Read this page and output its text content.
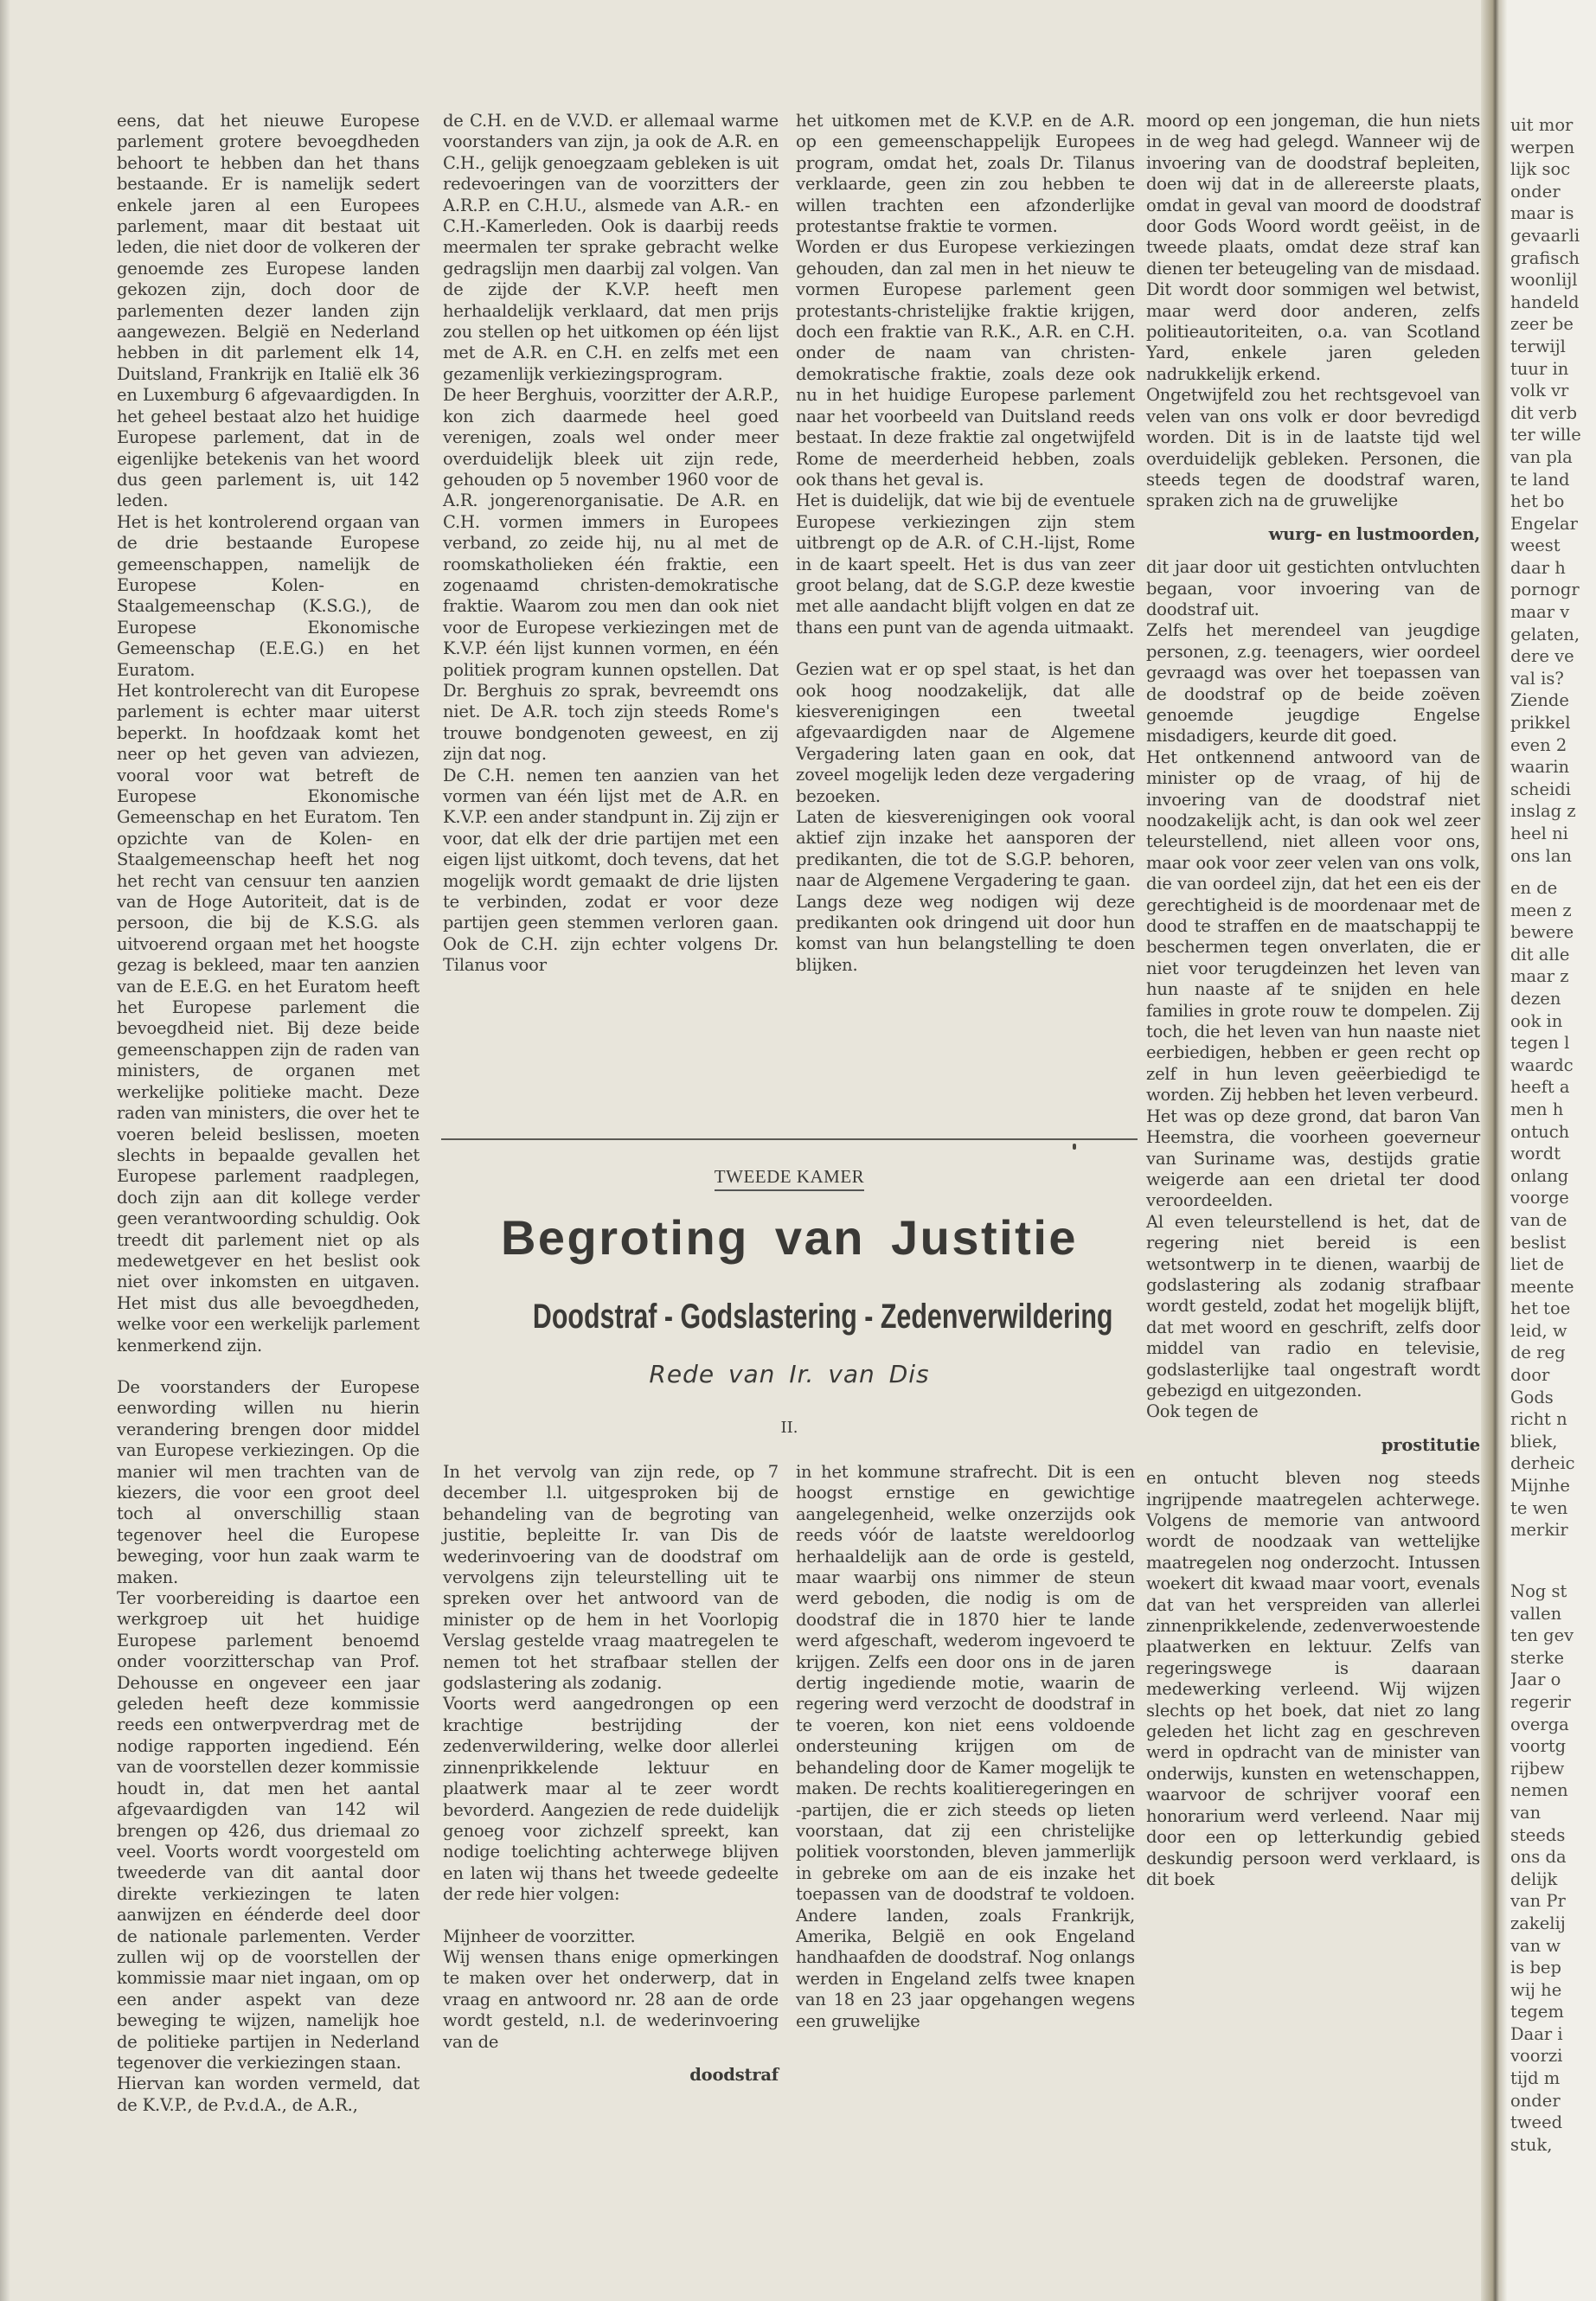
eens, dat het nieuwe Europese parlement grotere bevoegdheden behoort te hebben dan het thans bestaande. Er is namelijk sedert enkele jaren al een Europees parlement, maar dit bestaat uit leden, die niet door de volkeren der genoemde zes Europese landen gekozen zijn, doch door de parlementen dezer landen zijn aangewezen. België en Nederland hebben in dit parlement elk 14, Duitsland, Frankrijk en Italië elk 36 en Luxemburg 6 afgevaardigden. In het geheel bestaat alzo het huidige Europese parlement, dat in de eigenlijke betekenis van het woord dus geen parlement is, uit 142 leden.

Het is het kontrolerend orgaan van de drie bestaande Europese gemeenschappen, namelijk de Europese Kolen- en Staalgemeenschap (K.S.G.), de Europese Ekonomische Gemeenschap (E.E.G.) en het Euratom.

Het kontrolerecht van dit Europese parlement is echter maar uiterst beperkt. In hoofdzaak komt het neer op het geven van adviezen, vooral voor wat betreft de Europese Ekonomische Gemeenschap en het Euratom. Ten opzichte van de Kolen- en Staalgemeenschap heeft het nog het recht van censuur ten aanzien van de Hoge Autoriteit, dat is de persoon, die bij de K.S.G. als uitvoerend orgaan met het hoogste gezag is bekleed, maar ten aanzien van de E.E.G. en het Euratom heeft het Europese parlement die bevoegdheid niet. Bij deze beide gemeenschappen zijn de raden van ministers, de organen met werkelijke politieke macht. Deze raden van ministers, die over het te voeren beleid beslissen, moeten slechts in bepaalde gevallen het Europese parlement raadplegen, doch zijn aan dit kollege verder geen verantwoording schuldig. Ook treedt dit parlement niet op als medewetgever en het beslist ook niet over inkomsten en uitgaven. Het mist dus alle bevoegdheden, welke voor een werkelijk parlement kenmerkend zijn.

De voorstanders der Europese eenwording willen nu hierin verandering brengen door middel van Europese verkiezingen. Op die manier wil men trachten van de kiezers, die voor een groot deel toch al onverschillig staan tegenover heel die Europese beweging, voor hun zaak warm te maken.

Ter voorbereiding is daartoe een werkgroep uit het huidige Europese parlement benoemd onder voorzitterschap van Prof. Dehousse en ongeveer een jaar geleden heeft deze kommissie reeds een ontwerpverdrag met de nodige rapporten ingediend. Eén van de voorstellen dezer kommissie houdt in, dat men het aantal afgevaardigden van 142 wil brengen op 426, dus driemaal zo veel. Voorts wordt voorgesteld om tweederde van dit aantal door direkte verkiezingen te laten aanwijzen en éénderde deel door de nationale parlementen. Verder zullen wij op de voorstellen der kommissie maar niet ingaan, om op een ander aspekt van deze beweging te wijzen, namelijk hoe de politieke partijen in Nederland tegenover die verkiezingen staan.

Hiervan kan worden vermeld, dat de K.V.P., de P.v.d.A., de A.R.,

de C.H. en de V.V.D. er allemaal warme voorstanders van zijn, ja ook de A.R. en C.H., gelijk genoegzaam gebleken is uit redevoeringen van de voorzitters der A.R.P. en C.H.U., alsmede van A.R.- en C.H.-Kamerleden. Ook is daarbij reeds meermalen ter sprake gebracht welke gedragslijn men daarbij zal volgen. Van de zijde der K.V.P. heeft men herhaaldelijk verklaard, dat men prijs zou stellen op het uitkomen op één lijst met de A.R. en C.H. en zelfs met een gezamenlijk verkiezingsprogram.

De heer Berghuis, voorzitter der A.R.P., kon zich daarmede heel goed verenigen, zoals wel onder meer overduidelijk bleek uit zijn rede, gehouden op 5 november 1960 voor de A.R. jongerenorganisatie. De A.R. en C.H. vormen immers in Europees verband, zo zeide hij, nu al met de roomskatholieken één fraktie, een zogenaamd christen-demokratische fraktie. Waarom zou men dan ook niet voor de Europese verkiezingen met de K.V.P. één lijst kunnen vormen, en één politiek program kunnen opstellen. Dat Dr. Berghuis zo sprak, bevreemdt ons niet. De A.R. toch zijn steeds Rome's trouwe bondgenoten geweest, en zij zijn dat nog.

De C.H. nemen ten aanzien van het vormen van één lijst met de A.R. en K.V.P. een ander standpunt in. Zij zijn er voor, dat elk der drie partijen met een eigen lijst uitkomt, doch tevens, dat het mogelijk wordt gemaakt de drie lijsten te verbinden, zodat er voor deze partijen geen stemmen verloren gaan. Ook de C.H. zijn echter volgens Dr. Tilanus voor

het uitkomen met de K.V.P. en de A.R. op een gemeenschappelijk Europees program, omdat het, zoals Dr. Tilanus verklaarde, geen zin zou hebben te willen trachten een afzonderlijke protestantse fraktie te vormen.

Worden er dus Europese verkiezingen gehouden, dan zal men in het nieuw te vormen Europese parlement geen protestants-christelijke fraktie krijgen, doch een fraktie van R.K., A.R. en C.H. onder de naam van christen-demokratische fraktie, zoals deze ook nu in het huidige Europese parlement naar het voorbeeld van Duitsland reeds bestaat. In deze fraktie zal ongetwijfeld Rome de meerderheid hebben, zoals ook thans het geval is.

Het is duidelijk, dat wie bij de eventuele Europese verkiezingen zijn stem uitbrengt op de A.R. of C.H.-lijst, Rome in de kaart speelt. Het is dus van zeer groot belang, dat de S.G.P. deze kwestie met alle aandacht blijft volgen en dat ze thans een punt van de agenda uitmaakt.

Gezien wat er op spel staat, is het dan ook hoog noodzakelijk, dat alle kiesverenigingen een tweetal afgevaardigden naar de Algemene Vergadering laten gaan en ook, dat zoveel mogelijk leden deze vergadering bezoeken.

Laten de kiesverenigingen ook vooral aktief zijn inzake het aansporen der predikanten, die tot de S.G.P. behoren, naar de Algemene Vergadering te gaan.

Langs deze weg nodigen wij deze predikanten ook dringend uit door hun komst van hun belangstelling te doen blijken.

moord op een jongeman, die hun niets in de weg had gelegd. Wanneer wij de invoering van de doodstraf bepleiten, doen wij dat in de allereerste plaats, omdat in geval van moord de doodstraf door Gods Woord wordt geëist, in de tweede plaats, omdat deze straf kan dienen ter beteugeling van de misdaad. Dit wordt door sommigen wel betwist, maar werd door anderen, zelfs politieautoriteiten, o.a. van Scotland Yard, enkele jaren geleden nadrukkelijk erkend.

Ongetwijfeld zou het rechtsgevoel van velen van ons volk er door bevredigd worden. Dit is in de laatste tijd wel overduidelijk gebleken. Personen, die steeds tegen de doodstraf waren, spraken zich na de gruwelijke

wurg- en lustmoorden,

dit jaar door uit gestichten ontvluchten begaan, voor invoering van de doodstraf uit.

Zelfs het merendeel van jeugdige personen, z.g. teenagers, wier oordeel gevraagd was over het toepassen van de doodstraf op de beide zoëven genoemde jeugdige Engelse misdadigers, keurde dit goed.

Het ontkennend antwoord van de minister op de vraag, of hij de invoering van de doodstraf niet noodzakelijk acht, is dan ook wel zeer teleurstellend, niet alleen voor ons, maar ook voor zeer velen van ons volk, die van oordeel zijn, dat het een eis der gerechtigheid is de moordenaar met de dood te straffen en de maatschappij te beschermen tegen onverlaten, die er niet voor terugdeinzen het leven van hun naaste af te snijden en hele families in grote rouw te dompelen. Zij toch, die het leven van hun naaste niet eerbiedigen, hebben er geen recht op zelf in hun leven geëerbiedigd te worden. Zij hebben het leven verbeurd.

Het was op deze grond, dat baron Van Heemstra, die voorheen goeverneur van Suriname was, destijds gratie weigerde aan een drietal ter dood veroordeelden.

Al even teleurstellend is het, dat de regering niet bereid is een wetsontwerp in te dienen, waarbij de godslastering als zodanig strafbaar wordt gesteld, zodat het mogelijk blijft, dat met woord en geschrift, zelfs door middel van radio en televisie, godslasterlijke taal ongestraft wordt gebezigd en uitgezonden.

Ook tegen de

prostitutie

en ontucht bleven nog steeds ingrijpende maatregelen achterwege. Volgens de memorie van antwoord wordt de noodzaak van wettelijke maatregelen nog onderzocht. Intussen woekert dit kwaad maar voort, evenals dat van het verspreiden van allerlei zinnenprikkelende, zedenverwoestende plaatwerken en lektuur. Zelfs van regeringswege is daaraan medewerking verleend. Wij wijzen slechts op het boek, dat niet zo lang geleden het licht zag en geschreven werd in opdracht van de minister van onderwijs, kunsten en wetenschappen, waarvoor de schrijver vooraf een honorarium werd verleend. Naar mij door een op letterkundig gebied deskundig persoon werd verklaard, is dit boek

TWEEDE KAMER
Begroting van Justitie
Doodstraf - Godslastering - Zedenverwildering
Rede van Ir. van Dis
II.

In het vervolg van zijn rede, op 7 december l.l. uitgesproken bij de behandeling van de begroting van justitie, bepleitte Ir. van Dis de wederinvoering van de doodstraf om vervolgens zijn teleurstelling uit te spreken over het antwoord van de minister op de hem in het Voorlopig Verslag gestelde vraag maatregelen te nemen tot het strafbaar stellen der godslastering als zodanig.

Voorts werd aangedrongen op een krachtige bestrijding der zedenverwildering, welke door allerlei zinnenprikkelende lektuur en plaatwerk maar al te zeer wordt bevorderd. Aangezien de rede duidelijk genoeg voor zichzelf spreekt, kan nodige toelichting achterwege blijven en laten wij thans het tweede gedeelte der rede hier volgen:

Mijnheer de voorzitter.

Wij wensen thans enige opmerkingen te maken over het onderwerp, dat in vraag en antwoord nr. 28 aan de orde wordt gesteld, n.l. de wederinvoering van de

doodstraf

in het kommune strafrecht. Dit is een hoogst ernstige en gewichtige aangelegenheid, welke onzerzijds ook reeds vóór de laatste wereldoorlog herhaaldelijk aan de orde is gesteld, maar waarbij ons nimmer de steun werd geboden, die nodig is om de doodstraf die in 1870 hier te lande werd afgeschaft, wederom ingevoerd te krijgen. Zelfs een door ons in de jaren dertig ingediende motie, waarin de regering werd verzocht de doodstraf in te voeren, kon niet eens voldoende ondersteuning krijgen om de behandeling door de Kamer mogelijk te maken. De rechts koalitieregeringen en -partijen, die er zich steeds op lieten voorstaan, dat zij een christelijke politiek voorstonden, bleven jammerlijk in gebreke om aan de eis inzake het toepassen van de doodstraf te voldoen. Andere landen, zoals Frankrijk, Amerika, België en ook Engeland handhaafden de doodstraf. Nog onlangs werden in Engeland zelfs twee knapen van 18 en 23 jaar opgehangen wegens een gruwelijke

uit mor
werpen
lijk soc
onder
maar is
gevaarli
grafisch
woonlijl
handeld
zeer be
terwijl
tuur in
volk vr
dit verb
ter wille
van pla
te land
het bo
Engelar
weest
daar h
pornogr
maar v
gelaten,
dere ve
val is?
Ziende
prikkel
even 2
waarin
scheidi
inslag z
heel ni
ons lan
en de
meen z
bewere
dit alle
maar z
dezen
ook in
tegen l
waardc
heeft a
men h
ontuch
wordt
onlang
voorge
van de
beslist
liet de
meente
het toe
leid, w
de reg
door
Gods
richt n
bliek,
derheic
Mijnhe
te wen
merkir
Nog st
vallen
ten gev
sterke
Jaar o
regerir
overga
voortg
rijbew
nemen
van
steeds
ons da
delijk
van Pr
zakelij
van w
is bep
wij he
tegem
Daar i
voorzi
tijd m
onder
tweed
stuk,
